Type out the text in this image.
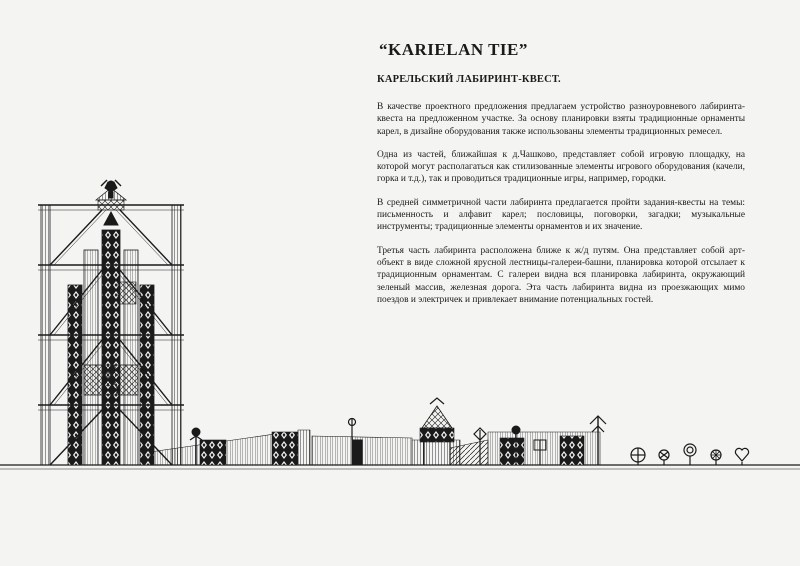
“KARIELAN TIE”
КАРЕЛЬСКИЙ ЛАБИРИНТ-КВЕСТ.

В качестве проектного предложения предлагаем устройство разноуровневого лабиринта-квеста на предложенном участке. За основу планировки взяты традиционные орнаменты карел, в дизайне оборудования также использованы элементы традиционных ремесел.

Одна из частей, ближайшая к д.Чашково, представляет собой игровую площадку, на которой могут располагаться как стилизованные элементы игрового оборудования (качели, горка и т.д.), так и проводиться традиционные игры, например, городки.

В средней симметричной части лабиринта предлагается пройти задания-квесты на темы: письменность и алфавит карел; пословицы, поговорки, загадки; музыкальные инструменты; традиционные элементы орнаментов и их значение.

Третья часть лабиринта расположена ближе к ж/д путям. Она представляет собой арт-объект в виде сложной ярусной лестницы-галереи-башни, планировка которой отсылает к традиционным орнаментам. С галереи видна вся планировка лабиринта, окружающий зеленый массив, железная дорога. Эта часть лабиринта видна из проезжающих мимо поездов и электричек и привлекает внимание потенциальных гостей.
